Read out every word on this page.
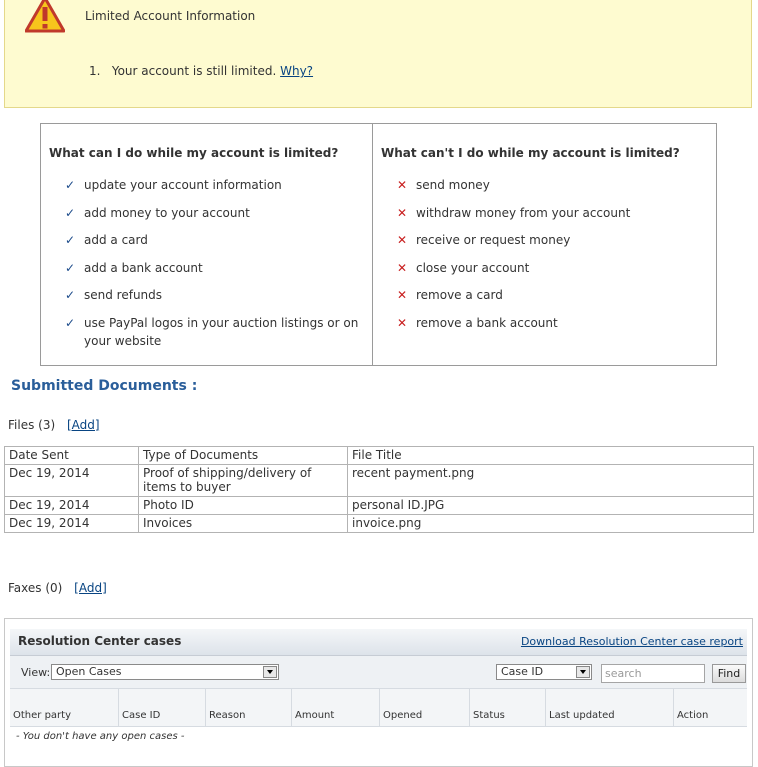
Limited Account Information
1. Your account is still limited. Why?
What can I do while my account is limited?
✓ update your account information
✓ add money to your account
✓ add a card
✓ add a bank account
✓ send refunds
✓ use PayPal logos in your auction listings or on your website
What can't I do while my account is limited?
✕ send money
✕ withdraw money from your account
✕ receive or request money
✕ close your account
✕ remove a card
✕ remove a bank account
Submitted Documents :
Files (3) [Add]
Date Sent	Type of Documents	File Title
Dec 19, 2014	Proof of shipping/delivery of items to buyer	recent payment.png
Dec 19, 2014	Photo ID	personal ID.JPG
Dec 19, 2014	Invoices	invoice.png
Faxes (0) [Add]
Resolution Center cases	Download Resolution Center case report
View: Open Cases	Case ID	search	Find
Other party	Case ID	Reason	Amount	Opened	Status	Last updated	Action
- You don't have any open cases -
